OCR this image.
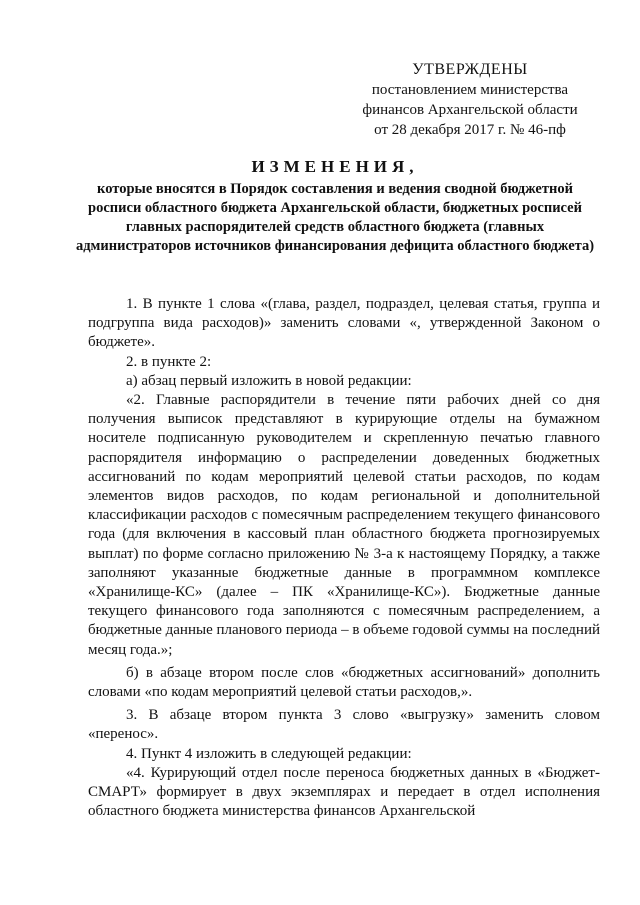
УТВЕРЖДЕНЫ
постановлением министерства
финансов Архангельской области
от 28 декабря 2017 г. № 46-пф
ИЗМЕНЕНИЯ,
которые вносятся в Порядок составления и ведения сводной бюджетной росписи областного бюджета Архангельской области, бюджетных росписей главных распорядителей средств областного бюджета (главных администраторов источников финансирования дефицита областного бюджета)

1. В пункте 1 слова «(глава, раздел, подраздел, целевая статья, группа и подгруппа вида расходов)» заменить словами «, утвержденной Законом о бюджете».

2. в пункте 2:

а) абзац первый изложить в новой редакции:

«2. Главные распорядители в течение пяти рабочих дней со дня получения выписок представляют в курирующие отделы на бумажном носителе подписанную руководителем и скрепленную печатью главного распорядителя информацию о распределении доведенных бюджетных ассигнований по кодам мероприятий целевой статьи расходов, по кодам элементов видов расходов, по кодам региональной и дополнительной классификации расходов с помесячным распределением текущего финансового года (для включения в кассовый план областного бюджета прогнозируемых выплат) по форме согласно приложению № 3-а к настоящему Порядку, а также заполняют указанные бюджетные данные в программном комплексе «Хранилище-КС» (далее – ПК «Хранилище-КС»). Бюджетные данные текущего финансового года заполняются с помесячным распределением, а бюджетные данные планового периода – в объеме годовой суммы на последний месяц года.»;

б) в абзаце втором после слов «бюджетных ассигнований» дополнить словами «по кодам мероприятий целевой статьи расходов,».

3. В абзаце втором пункта 3 слово «выгрузку» заменить словом «перенос».

4. Пункт 4 изложить в следующей редакции:

«4. Курирующий отдел после переноса бюджетных данных в «Бюджет-СМАРТ» формирует в двух экземплярах и передает в отдел исполнения областного бюджета министерства финансов Архангельской
